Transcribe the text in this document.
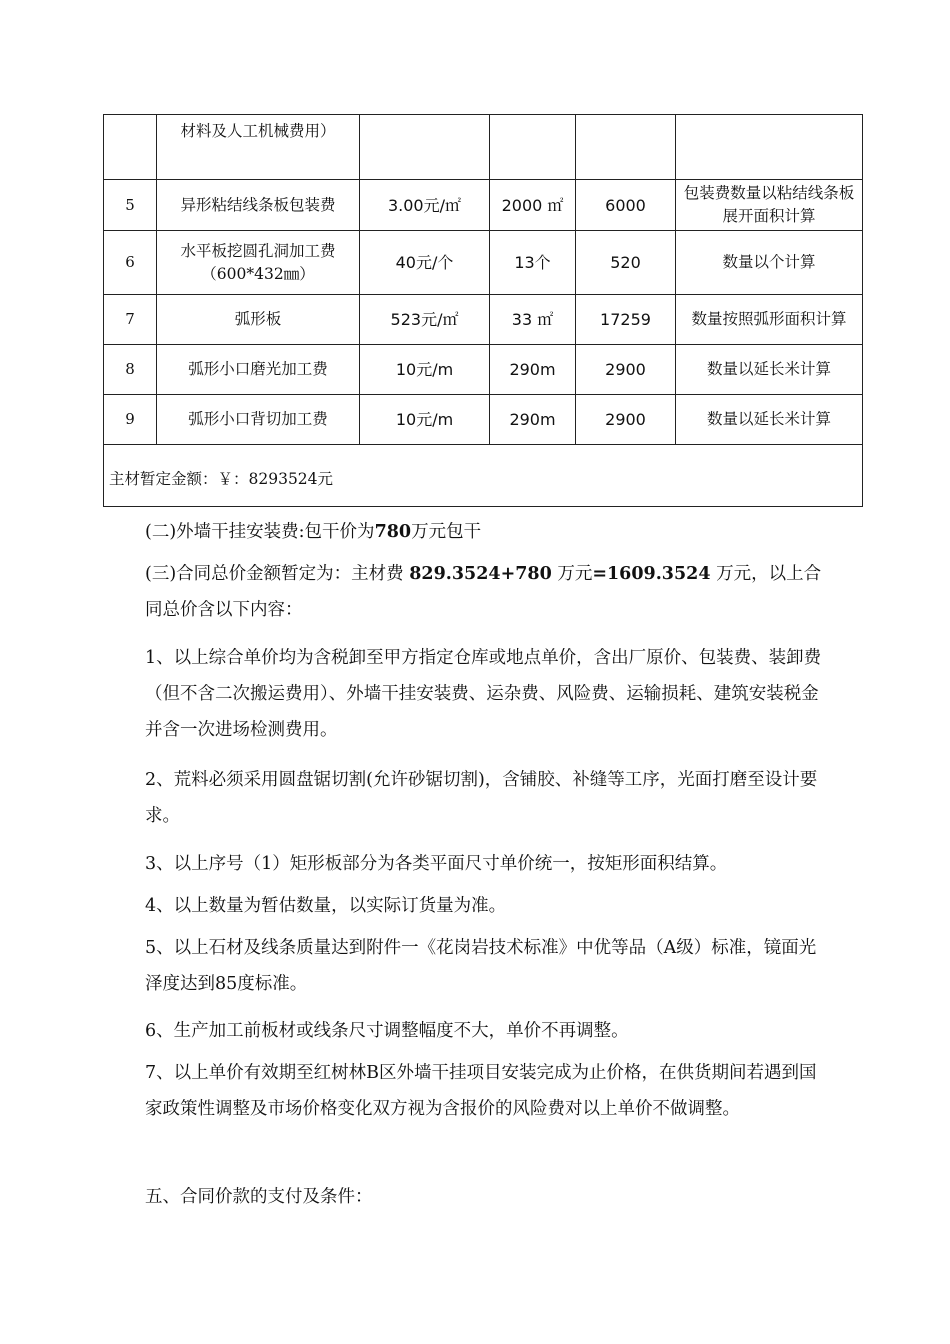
	材料及人工机械费用）				
5	异形粘结线条板包装费	3.00元/㎡	2000 ㎡	6000	包装费数量以粘结线条板展开面积计算
6	水平板挖圆孔洞加工费（600*432㎜）	40元/个	13个	520	数量以个计算
7	弧形板	523元/㎡	33 ㎡	17259	数量按照弧形面积计算
8	弧形小口磨光加工费	10元/m	290m	2900	数量以延长米计算
9	弧形小口背切加工费	10元/m	290m	2900	数量以延长米计算
主材暂定金额：￥：8293524元					

(二)外墙干挂安装费:包干价为780万元包干

(三)合同总价金额暂定为：主材费 829.3524+780 万元=1609.3524 万元，以上合同总价含以下内容：

1、以上综合单价均为含税卸至甲方指定仓库或地点单价，含出厂原价、包装费、装卸费（但不含二次搬运费用）、外墙干挂安装费、运杂费、风险费、运输损耗、建筑安装税金并含一次进场检测费用。

2、荒料必须采用圆盘锯切割(允许砂锯切割)，含铺胶、补缝等工序，光面打磨至设计要求。

3、以上序号（1）矩形板部分为各类平面尺寸单价统一，按矩形面积结算。

4、以上数量为暂估数量，以实际订货量为准。

5、以上石材及线条质量达到附件一《花岗岩技术标准》中优等品（A级）标准，镜面光泽度达到85度标准。

6、生产加工前板材或线条尺寸调整幅度不大，单价不再调整。

7、以上单价有效期至红树林B区外墙干挂项目安装完成为止价格，在供货期间若遇到国家政策性调整及市场价格变化双方视为含报价的风险费对以上单价不做调整。

五、合同价款的支付及条件：
